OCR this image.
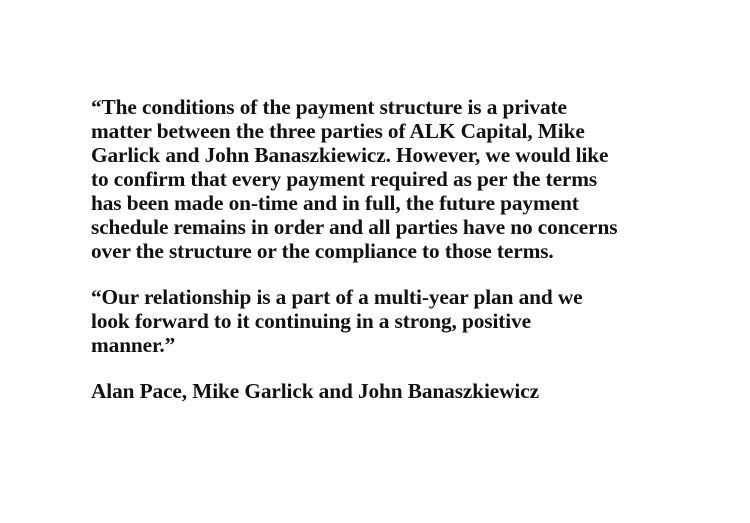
“The conditions of the payment structure is a private
matter between the three parties of ALK Capital, Mike
Garlick and John Banaszkiewicz. However, we would like
to confirm that every payment required as per the terms
has been made on-time and in full, the future payment
schedule remains in order and all parties have no concerns
over the structure or the compliance to those terms.

“Our relationship is a part of a multi-year plan and we
look forward to it continuing in a strong, positive
manner.”

Alan Pace, Mike Garlick and John Banaszkiewicz
